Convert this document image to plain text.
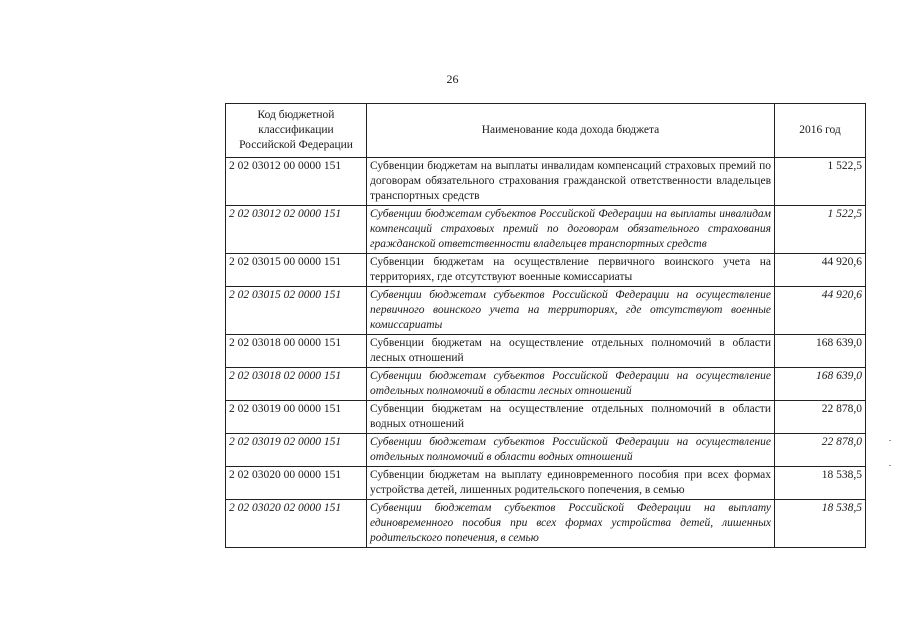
26
Код бюджетной классификации Российской Федерации	Наименование кода дохода бюджета	2016 год
2 02 03012 00 0000 151	Субвенции бюджетам на выплаты инвалидам компенсаций страховых премий по договорам обязательного страхования гражданской ответственности владельцев транспортных средств	1 522,5
2 02 03012 02 0000 151	Субвенции бюджетам субъектов Российской Федерации на выплаты инвалидам компенсаций страховых премий по договорам обязательного страхования гражданской ответственности владельцев транспортных средств	1 522,5
2 02 03015 00 0000 151	Субвенции бюджетам на осуществление первичного воинского учета на территориях, где отсутствуют военные комиссариаты	44 920,6
2 02 03015 02 0000 151	Субвенции бюджетам субъектов Российской Федерации на осуществление первичного воинского учета на территориях, где отсутствуют военные комиссариаты	44 920,6
2 02 03018 00 0000 151	Субвенции бюджетам на осуществление отдельных полномочий в области лесных отношений	168 639,0
2 02 03018 02 0000 151	Субвенции бюджетам субъектов Российской Федерации на осуществление отдельных полномочий в области лесных отношений	168 639,0
2 02 03019 00 0000 151	Субвенции бюджетам на осуществление отдельных полномочий в области водных отношений	22 878,0
2 02 03019 02 0000 151	Субвенции бюджетам субъектов Российской Федерации на осуществление отдельных полномочий в области водных отношений	22 878,0
2 02 03020 00 0000 151	Субвенции бюджетам на выплату единовременного пособия при всех формах устройства детей, лишенных родительского попечения, в семью	18 538,5
2 02 03020 02 0000 151	Субвенции бюджетам субъектов Российской Федерации на выплату единовременного пособия при всех формах устройства детей, лишенных родительского попечения, в семью	18 538,5
